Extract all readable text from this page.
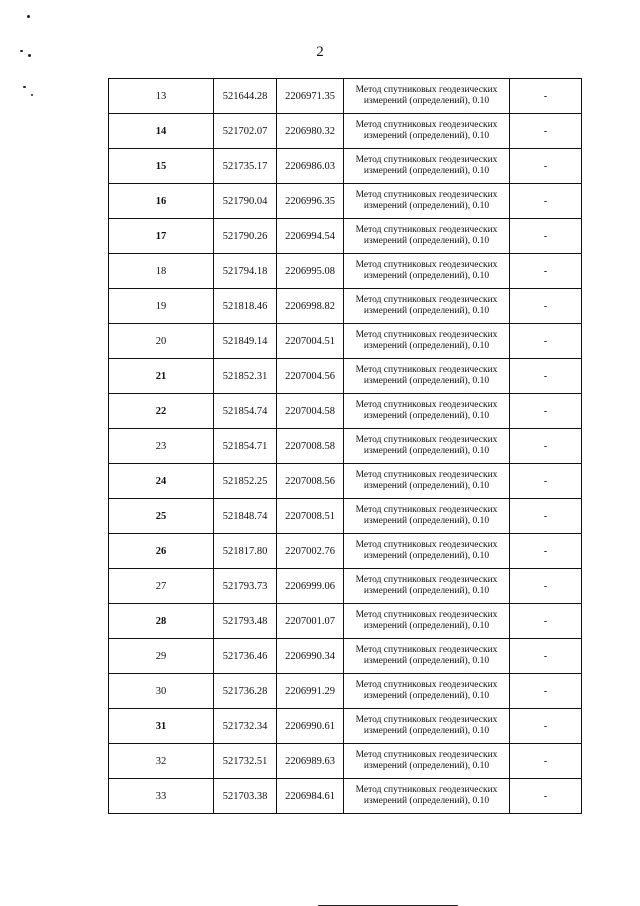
2
13	521644.28	2206971.35	Метод спутниковых геодезических
измерений (определений), 0.10	-
14	521702.07	2206980.32	Метод спутниковых геодезических
измерений (определений), 0.10	-
15	521735.17	2206986.03	Метод спутниковых геодезических
измерений (определений), 0.10	-
16	521790.04	2206996.35	Метод спутниковых геодезических
измерений (определений), 0.10	-
17	521790.26	2206994.54	Метод спутниковых геодезических
измерений (определений), 0.10	-
18	521794.18	2206995.08	Метод спутниковых геодезических
измерений (определений), 0.10	-
19	521818.46	2206998.82	Метод спутниковых геодезических
измерений (определений), 0.10	-
20	521849.14	2207004.51	Метод спутниковых геодезических
измерений (определений), 0.10	-
21	521852.31	2207004.56	Метод спутниковых геодезических
измерений (определений), 0.10	-
22	521854.74	2207004.58	Метод спутниковых геодезических
измерений (определений), 0.10	-
23	521854.71	2207008.58	Метод спутниковых геодезических
измерений (определений), 0.10	-
24	521852.25	2207008.56	Метод спутниковых геодезических
измерений (определений), 0.10	-
25	521848.74	2207008.51	Метод спутниковых геодезических
измерений (определений), 0.10	-
26	521817.80	2207002.76	Метод спутниковых геодезических
измерений (определений), 0.10	-
27	521793.73	2206999.06	Метод спутниковых геодезических
измерений (определений), 0.10	-
28	521793.48	2207001.07	Метод спутниковых геодезических
измерений (определений), 0.10	-
29	521736.46	2206990.34	Метод спутниковых геодезических
измерений (определений), 0.10	-
30	521736.28	2206991.29	Метод спутниковых геодезических
измерений (определений), 0.10	-
31	521732.34	2206990.61	Метод спутниковых геодезических
измерений (определений), 0.10	-
32	521732.51	2206989.63	Метод спутниковых геодезических
измерений (определений), 0.10	-
33	521703.38	2206984.61	Метод спутниковых геодезических
измерений (определений), 0.10	-
